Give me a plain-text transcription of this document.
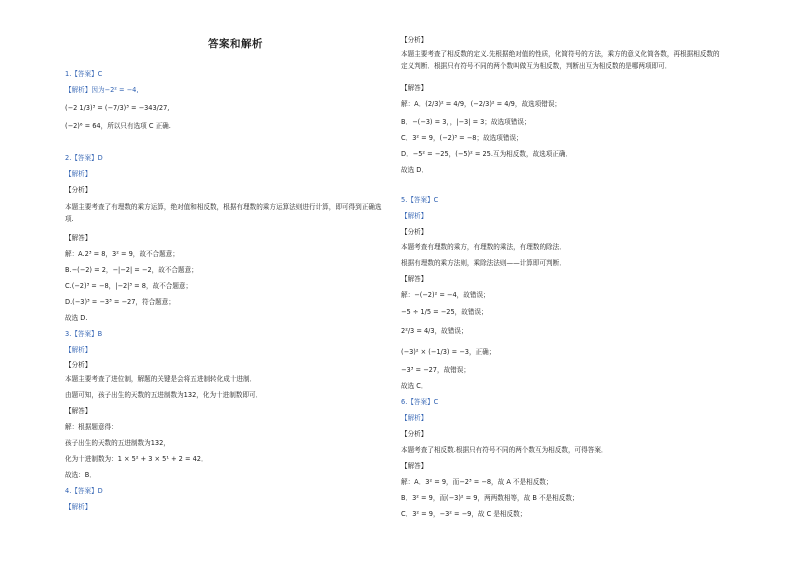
答案和解析
1.【答案】C
【解析】因为−2² = −4,
(−2 1/3)³ = (−7/3)³ = −343/27,
(−2)⁶ = 64，所以只有选项 C 正确.
2.【答案】D
【解析】
【分析】
本题主要考查了有理数的乘方运算，绝对值和相反数，根据有理数的乘方运算法则进行计算，即可得到正确选项.
【解答】
解：A.2³ = 8，3² = 9，故不合题意；
B.−(−2) = 2，−|−2| = −2，故不合题意；
C.(−2)³ = −8，|−2|³ = 8，故不合题意；
D.(−3)³ = −3³ = −27，符合题意；
故选 D.
3.【答案】B
【解析】
【分析】
本题主要考查了进位制，解题的关键是会将五进制转化成十进制．
由题可知，孩子出生的天数的五进制数为132，化为十进制数即可．
【解答】
解：根据题意得：
孩子出生的天数的五进制数为132，
化为十进制数为：1 × 5² + 3 × 5¹ + 2 = 42．
故选：B．
4.【答案】D
【解析】
【分析】
本题主要考查了相反数的定义.先根据绝对值的性质，化简符号的方法，乘方的意义化简各数，再根据相反数的定义判断．根据只有符号不同的两个数叫做互为相反数，判断出互为相反数的是哪两项即可．
【解答】
解：A．(2/3)² = 4/9，(−2/3)² = 4/9，故选项错误；
B．−(−3) = 3，，|−3| = 3；故选项错误；
C．3² = 9，(−2)³ = −8；故选项错误；
D．−5² = −25，(−5)² = 25.互为相反数，故选项正确．
故选 D．
5.【答案】C
【解析】
【分析】
本题考查有理数的乘方，有理数的乘法，有理数的除法．
根据有理数的乘方法则，乘除法法则——计算即可判断．
【解答】
解：−(−2)² = −4，故错误；
−5 ÷ 1/5 = −25，故错误；
2²/3 = 4/3，故错误；
(−3)² × (−1/3) = −3，正确；
−3³ = −27，故错误；
故选 C．
6.【答案】C
【解析】
【分析】
本题考查了相反数.根据只有符号不同的两个数互为相反数，可得答案．
【解答】
解：A．3² = 9，而−2³ = −8，故 A 不是相反数；
B．3² = 9，而(−3)² = 9，两两数相等，故 B 不是相反数；
C．3² = 9，−3² = −9，故 C 是相反数；
